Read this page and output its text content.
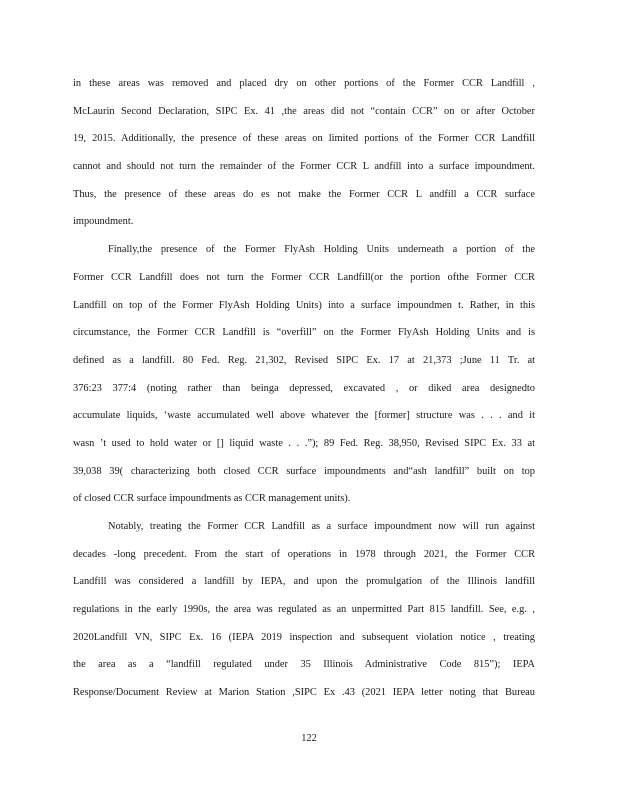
in these areas was removed and placed dry on other portions of the Former CCR Landfill ,
McLaurin Second Declaration, SIPC Ex. 41 ,the areas did not “contain CCR” on or after October
19, 2015. Additionally, the presence of these areas on limited portions of the Former CCR Landfill
cannot and should not turn the remainder of the Former CCR L andfill into a surface impoundment.
Thus, the presence of these areas do es not make the Former CCR L andfill a CCR surface
impoundment.
Finally,the presence of the Former FlyAsh Holding Units underneath a portion of the
Former CCR Landfill does not turn the Former CCR Landfill(or the portion ofthe Former CCR
Landfill on top of the Former FlyAsh Holding Units) into a surface impoundmen t. Rather, in this
circumstance, the Former CCR Landfill is “overfill” on the Former FlyAsh Holding Units and is
defined as a landfill. 80 Fed. Reg. 21,302, Revised SIPC Ex. 17 at 21,373 ;June 11 Tr. at
376:23 377:4 (noting rather than beinga depressed, excavated , or diked area designedto
accumulate liquids, ‘waste accumulated well above whatever the [former] structure was . . . and it
wasn ’t used to hold water or [] liquid waste . . .”); 89 Fed. Reg. 38,950, Revised SIPC Ex. 33 at
39,038 39( characterizing both closed CCR surface impoundments and“ash landfill” built on top
of closed CCR surface impoundments as CCR management units).
Notably, treating the Former CCR Landfill as a surface impoundment now will run against
decades -long precedent. From the start of operations in 1978 through 2021, the Former CCR
Landfill was considered a landfill by IEPA, and upon the promulgation of the Illinois landfill
regulations in the early 1990s, the area was regulated as an unpermitted Part 815 landfill. See, e.g. ,
2020Landfill VN, SIPC Ex. 16 (IEPA 2019 inspection and subsequent violation notice , treating
the area as a “landfill regulated under 35 Illinois Administrative Code 815”); IEPA
Response/Document Review at Marion Station ,SIPC Ex .43 (2021 IEPA letter noting that Bureau
122
